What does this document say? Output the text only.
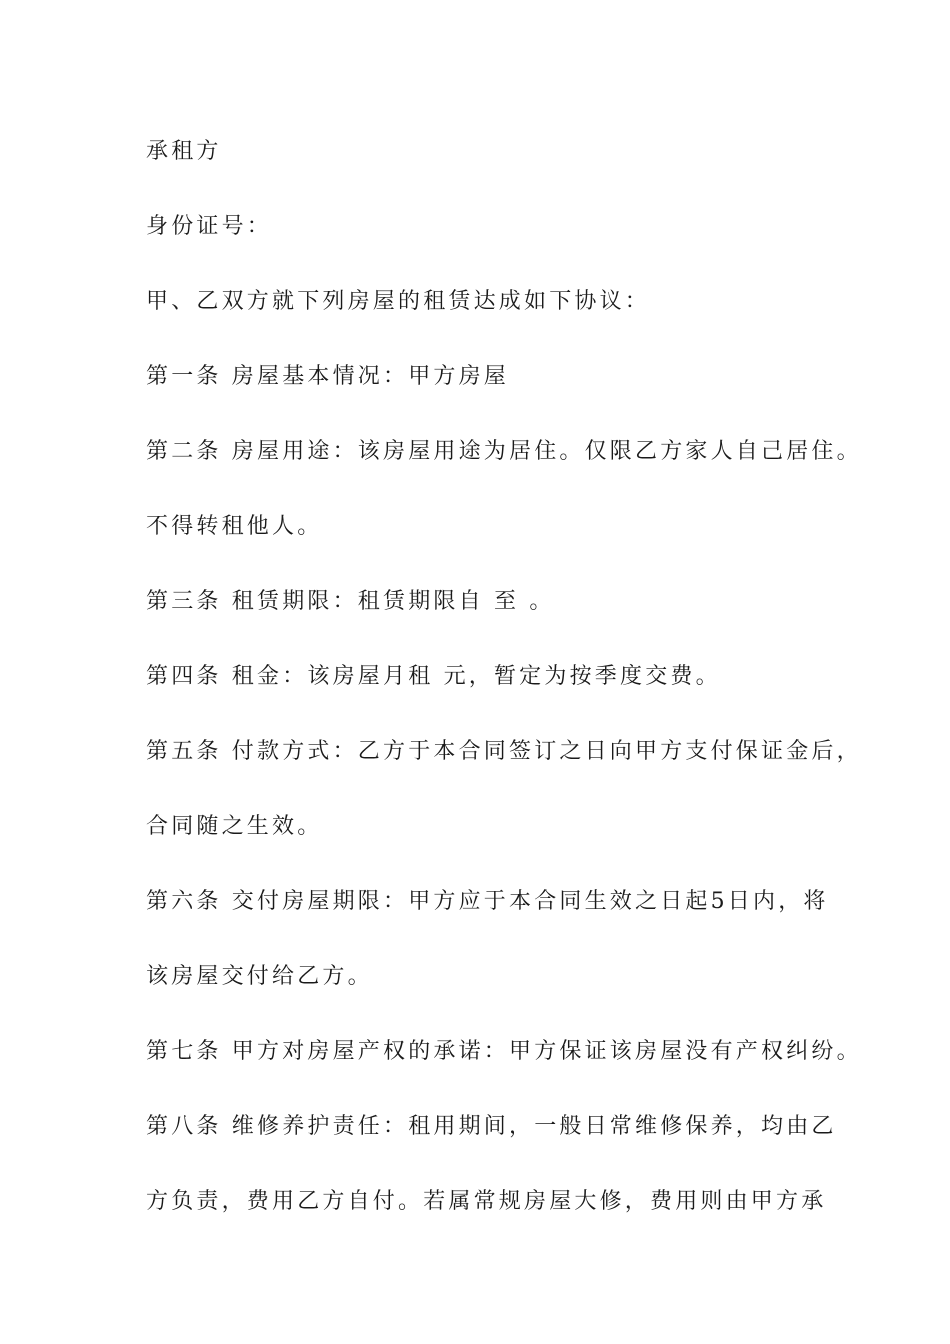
承租方
身份证号：
甲、乙双方就下列房屋的租赁达成如下协议：
第一条 房屋基本情况：甲方房屋
第二条 房屋用途：该房屋用途为居住。仅限乙方家人自己居住。
不得转租他人。
第三条 租赁期限：租赁期限自 至 。
第四条 租金：该房屋月租 元，暂定为按季度交费。
第五条 付款方式：乙方于本合同签订之日向甲方支付保证金后，
合同随之生效。
第六条 交付房屋期限：甲方应于本合同生效之日起5日内，将
该房屋交付给乙方。
第七条 甲方对房屋产权的承诺：甲方保证该房屋没有产权纠纷。
第八条 维修养护责任：租用期间，一般日常维修保养，均由乙
方负责，费用乙方自付。若属常规房屋大修，费用则由甲方承
